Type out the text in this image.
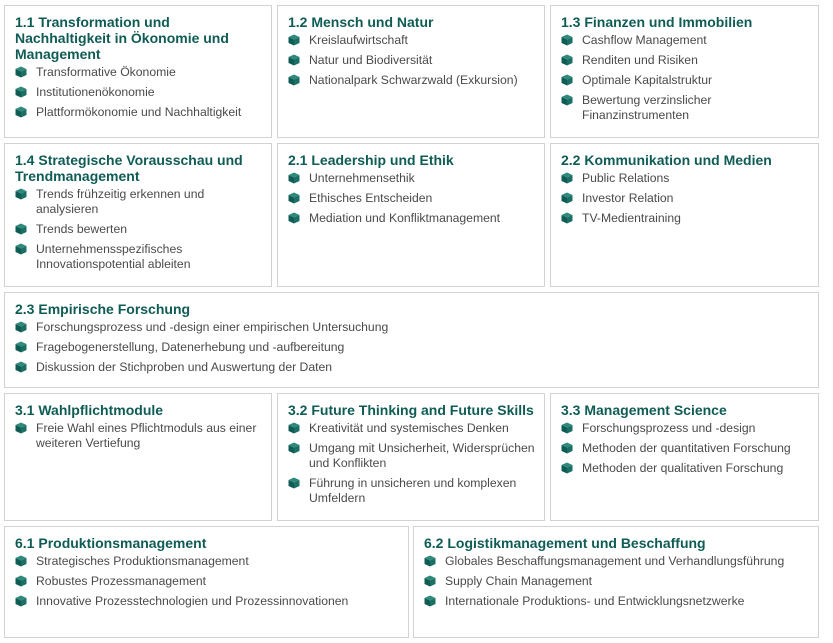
1.1 Transformation und Nachhaltigkeit in Ökonomie und Management
Transformative Ökonomie
Institutionenökonomie
Plattformökonomie und Nachhaltigkeit
1.2 Mensch und Natur
Kreislaufwirtschaft
Natur und Biodiversität
Nationalpark Schwarzwald (Exkursion)
1.3 Finanzen und Immobilien
Cashflow Management
Renditen und Risiken
Optimale Kapitalstruktur
Bewertung verzinslicher Finanzinstrumenten
1.4 Strategische Vorausschau und Trendmanagement
Trends frühzeitig erkennen und analysieren
Trends bewerten
Unternehmensspezifisches Innovationspotential ableiten
2.1 Leadership und Ethik
Unternehmensethik
Ethisches Entscheiden
Mediation und Konfliktmanagement
2.2 Kommunikation und Medien
Public Relations
Investor Relation
TV-Medientraining
2.3 Empirische Forschung
Forschungsprozess und -design einer empirischen Untersuchung
Fragebogenerstellung, Datenerhebung und -aufbereitung
Diskussion der Stichproben und Auswertung der Daten
3.1 Wahlpflichtmodule
Freie Wahl eines Pflichtmoduls aus einer weiteren Vertiefung
3.2 Future Thinking and Future Skills
Kreativität und systemisches Denken
Umgang mit Unsicherheit, Widersprüchen und Konflikten
Führung in unsicheren und komplexen Umfeldern
3.3 Management Science
Forschungsprozess und -design
Methoden der quantitativen Forschung
Methoden der qualitativen Forschung
6.1 Produktionsmanagement
Strategisches Produktionsmanagement
Robustes Prozessmanagement
Innovative Prozesstechnologien und Prozessinnovationen
6.2 Logistikmanagement und Beschaffung
Globales Beschaffungsmanagement und Verhandlungsführung
Supply Chain Management
Internationale Produktions- und Entwicklungsnetzwerke
